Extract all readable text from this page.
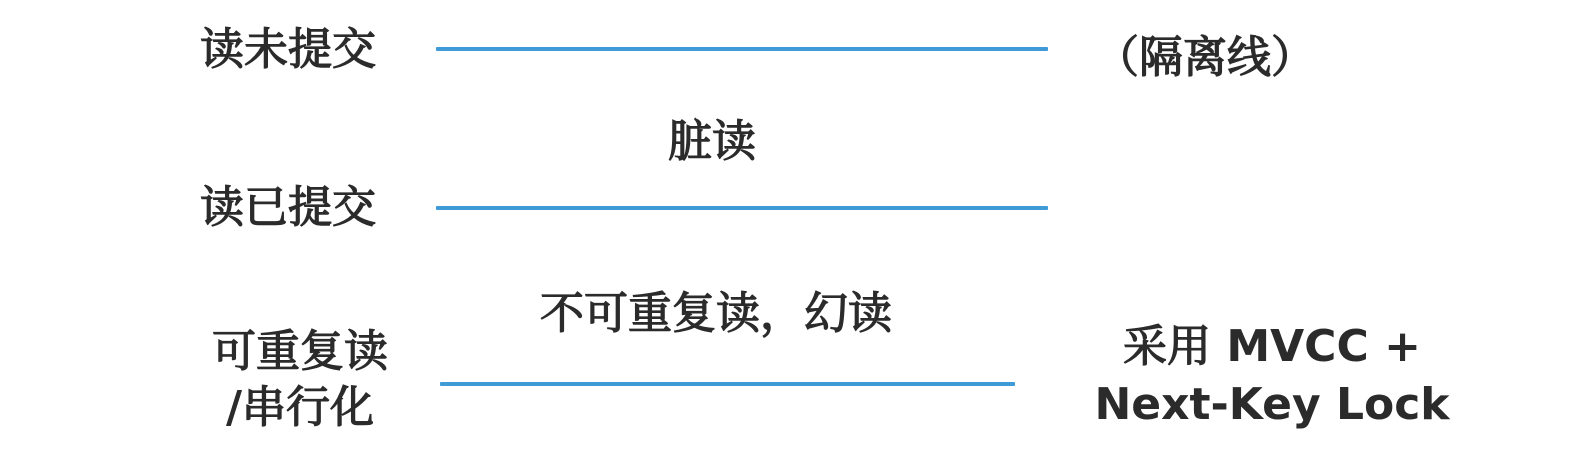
读未提交	（隔离线）
脏读
读已提交
不可重复读，幻读
可重复读
/串行化
采用 MVCC +
Next-Key Lock
